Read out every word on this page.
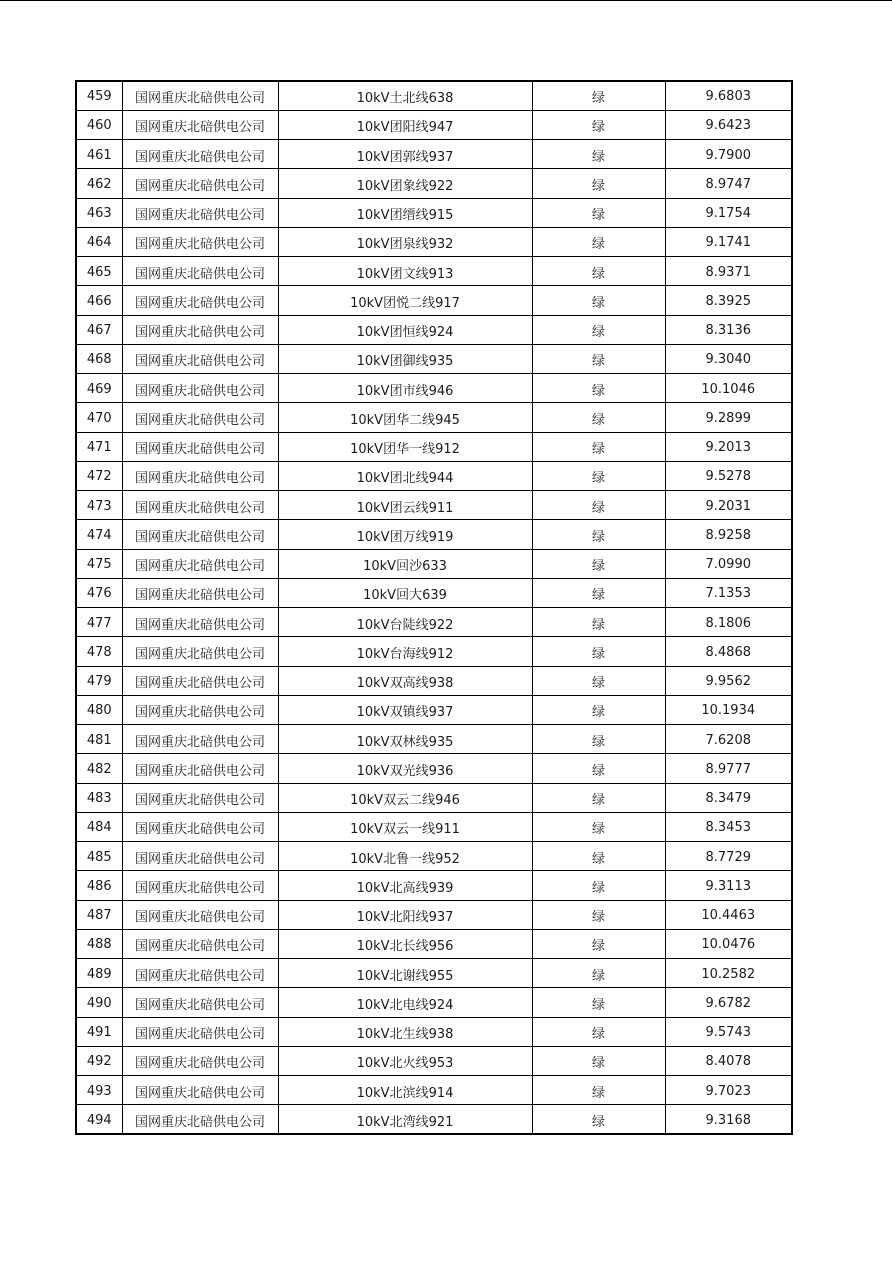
459	国网重庆北碚供电公司	10kV土北线638	绿	9.6803
460	国网重庆北碚供电公司	10kV团阳线947	绿	9.6423
461	国网重庆北碚供电公司	10kV团郭线937	绿	9.7900
462	国网重庆北碚供电公司	10kV团象线922	绿	8.9747
463	国网重庆北碚供电公司	10kV团缙线915	绿	9.1754
464	国网重庆北碚供电公司	10kV团泉线932	绿	9.1741
465	国网重庆北碚供电公司	10kV团文线913	绿	8.9371
466	国网重庆北碚供电公司	10kV团悦二线917	绿	8.3925
467	国网重庆北碚供电公司	10kV团恒线924	绿	8.3136
468	国网重庆北碚供电公司	10kV团御线935	绿	9.3040
469	国网重庆北碚供电公司	10kV团市线946	绿	10.1046
470	国网重庆北碚供电公司	10kV团华二线945	绿	9.2899
471	国网重庆北碚供电公司	10kV团华一线912	绿	9.2013
472	国网重庆北碚供电公司	10kV团北线944	绿	9.5278
473	国网重庆北碚供电公司	10kV团云线911	绿	9.2031
474	国网重庆北碚供电公司	10kV团万线919	绿	8.9258
475	国网重庆北碚供电公司	10kV回沙633	绿	7.0990
476	国网重庆北碚供电公司	10kV回大639	绿	7.1353
477	国网重庆北碚供电公司	10kV台陡线922	绿	8.1806
478	国网重庆北碚供电公司	10kV台海线912	绿	8.4868
479	国网重庆北碚供电公司	10kV双高线938	绿	9.9562
480	国网重庆北碚供电公司	10kV双镇线937	绿	10.1934
481	国网重庆北碚供电公司	10kV双林线935	绿	7.6208
482	国网重庆北碚供电公司	10kV双光线936	绿	8.9777
483	国网重庆北碚供电公司	10kV双云二线946	绿	8.3479
484	国网重庆北碚供电公司	10kV双云一线911	绿	8.3453
485	国网重庆北碚供电公司	10kV北鲁一线952	绿	8.7729
486	国网重庆北碚供电公司	10kV北高线939	绿	9.3113
487	国网重庆北碚供电公司	10kV北阳线937	绿	10.4463
488	国网重庆北碚供电公司	10kV北长线956	绿	10.0476
489	国网重庆北碚供电公司	10kV北谢线955	绿	10.2582
490	国网重庆北碚供电公司	10kV北电线924	绿	9.6782
491	国网重庆北碚供电公司	10kV北生线938	绿	9.5743
492	国网重庆北碚供电公司	10kV北火线953	绿	8.4078
493	国网重庆北碚供电公司	10kV北滨线914	绿	9.7023
494	国网重庆北碚供电公司	10kV北湾线921	绿	9.3168
